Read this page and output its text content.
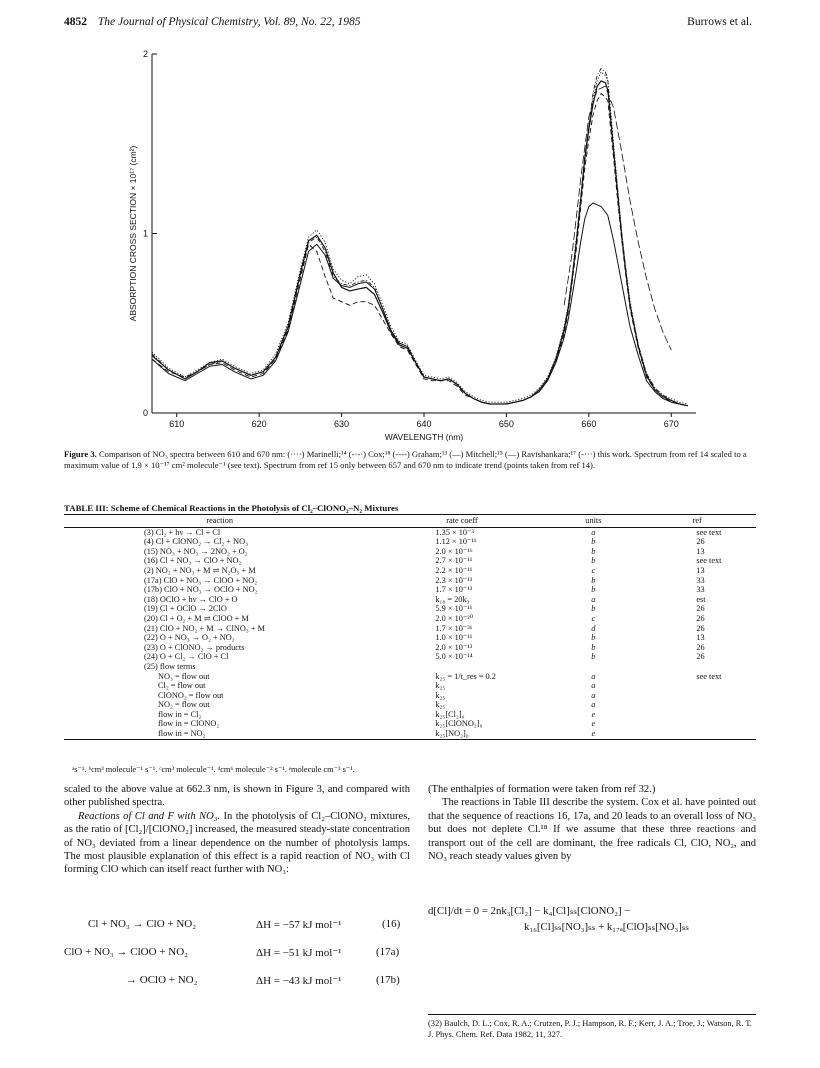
4852 The Journal of Physical Chemistry, Vol. 89, No. 22, 1985	Burrows et al.
610	620	630	640	650	660	670
0
1
2
ABSORPTION CROSS SECTION × 10¹⁷ (cm²)
WAVELENGTH (nm)
Figure 3. Comparison of NO₃ spectra between 610 and 670 nm: (····) Marinelli;¹⁴ (-·-·) Cox;¹⁸ (----) Graham;¹³ (—) Mitchell;¹⁵ (—) Ravishankara;¹⁷ (-···) this work. Spectrum from ref 14 scaled to a maximum value of 1.9 × 10⁻¹⁷ cm² molecule⁻¹ (see text). Spectrum from ref 15 only between 657 and 670 nm to indicate trend (points taken from ref 14).
TABLE III: Scheme of Chemical Reactions in the Photolysis of Cl₂–ClONO₂–N₂ Mixtures
reaction	rate coeff	units	ref
(3) Cl₂ + hν → Cl + Cl	1.35 × 10⁻³	a	see text
(4) Cl + ClONO₂ → Cl₂ + NO₃	1.12 × 10⁻¹¹	b	26
(15) NO₃ + NO₃ → 2NO₂ + O₂	2.0 × 10⁻¹⁶	b	13
(16) Cl + NO₃ → ClO + NO₂	2.7 × 10⁻¹¹	b	see text
(2) NO₂ + NO₃ + M ⇌ N₂O₅ + M	2.2 × 10⁻¹¹	c	13
(17a) ClO + NO₃ → ClOO + NO₂	2.3 × 10⁻¹³	b	33
(17b) ClO + NO₃ → OClO + NO₂	1.7 × 10⁻¹³	b	33
(18) OClO + hν → ClO + O	k₁₈ = 20k₃	a	est
(19) Cl + OClO → 2ClO	5.9 × 10⁻¹¹	b	26
(20) Cl + O₂ + M ⇌ ClOO + M	2.0 × 10⁻²⁰	c	26
(21) ClO + NO₂ + M → ClNO₃ + M	1.7 × 10⁻³¹	d	26
(22) O + NO₃ → O₂ + NO₂	1.0 × 10⁻¹¹	b	13
(23) O + ClONO₂ → products	2.0 × 10⁻¹³	b	26
(24) O + Cl₂ → ClO + Cl	5.0 × 10⁻¹⁴	b	26
(25) flow terms			
NO₃ = flow out	k₂₅ = 1/t_res = 0.2	a	see text
Cl₂ = flow out	k₂₅	a	
ClONO₂ = flow out	k₂₅	a	
NO₂ = flow out	k₂₅	a	
flow in = Cl₂	k₂₅[Cl₂]₀	e	
flow in = ClONO₂	k₂₅[ClONO₂]₀	e	
flow in = NO₂	k₂₅[NO₂]₀	e	
ᵃs⁻¹. ᵇcm³ molecule⁻¹ s⁻¹. ᶜcm³ molecule⁻¹. ᵈcm⁶ molecule⁻² s⁻¹. ᵉmolecule cm⁻³ s⁻¹.
scaled to the above value at 662.3 nm, is shown in Figure 3, and compared with other published spectra.
Reactions of Cl and F with NO₃. In the photolysis of Cl₂–ClONO₂ mixtures, as the ratio of [Cl₂]/[ClONO₂] increased, the measured steady-state concentration of NO₃ deviated from a linear dependence on the number of photolysis lamps. The most plausible explanation of this effect is a rapid reaction of NO₃ with Cl forming ClO which can itself react further with NO₃:
Cl + NO₃ → ClO + NO₂	ΔH = −57 kJ mol⁻¹	(16)
ClO + NO₃ → ClOO + NO₂	ΔH = −51 kJ mol⁻¹	(17a)
→ OClO + NO₂	ΔH = −43 kJ mol⁻¹	(17b)
(The enthalpies of formation were taken from ref 32.)
The reactions in Table III describe the system. Cox et al. have pointed out that the sequence of reactions 16, 17a, and 20 leads to an overall loss of NO₃ but does not deplete Cl.¹⁸ If we assume that these three reactions and transport out of the cell are dominant, the free radicals Cl, ClO, NO₂, and NO₃ reach steady values given by
d[Cl]/dt = 0 = 2nk₃[Cl₂] − k₄[Cl]ₛₛ[ClONO₂] −
k₁₆[Cl]ₛₛ[NO₃]ₛₛ + k₁₇ₐ[ClO]ₛₛ[NO₃]ₛₛ
(32) Baulch, D. L.; Cox, R. A.; Crutzen, P. J.; Hampson, R. F.; Kerr, J. A.; Troe, J.; Watson, R. T. J. Phys. Chem. Ref. Data 1982, 11, 327.
